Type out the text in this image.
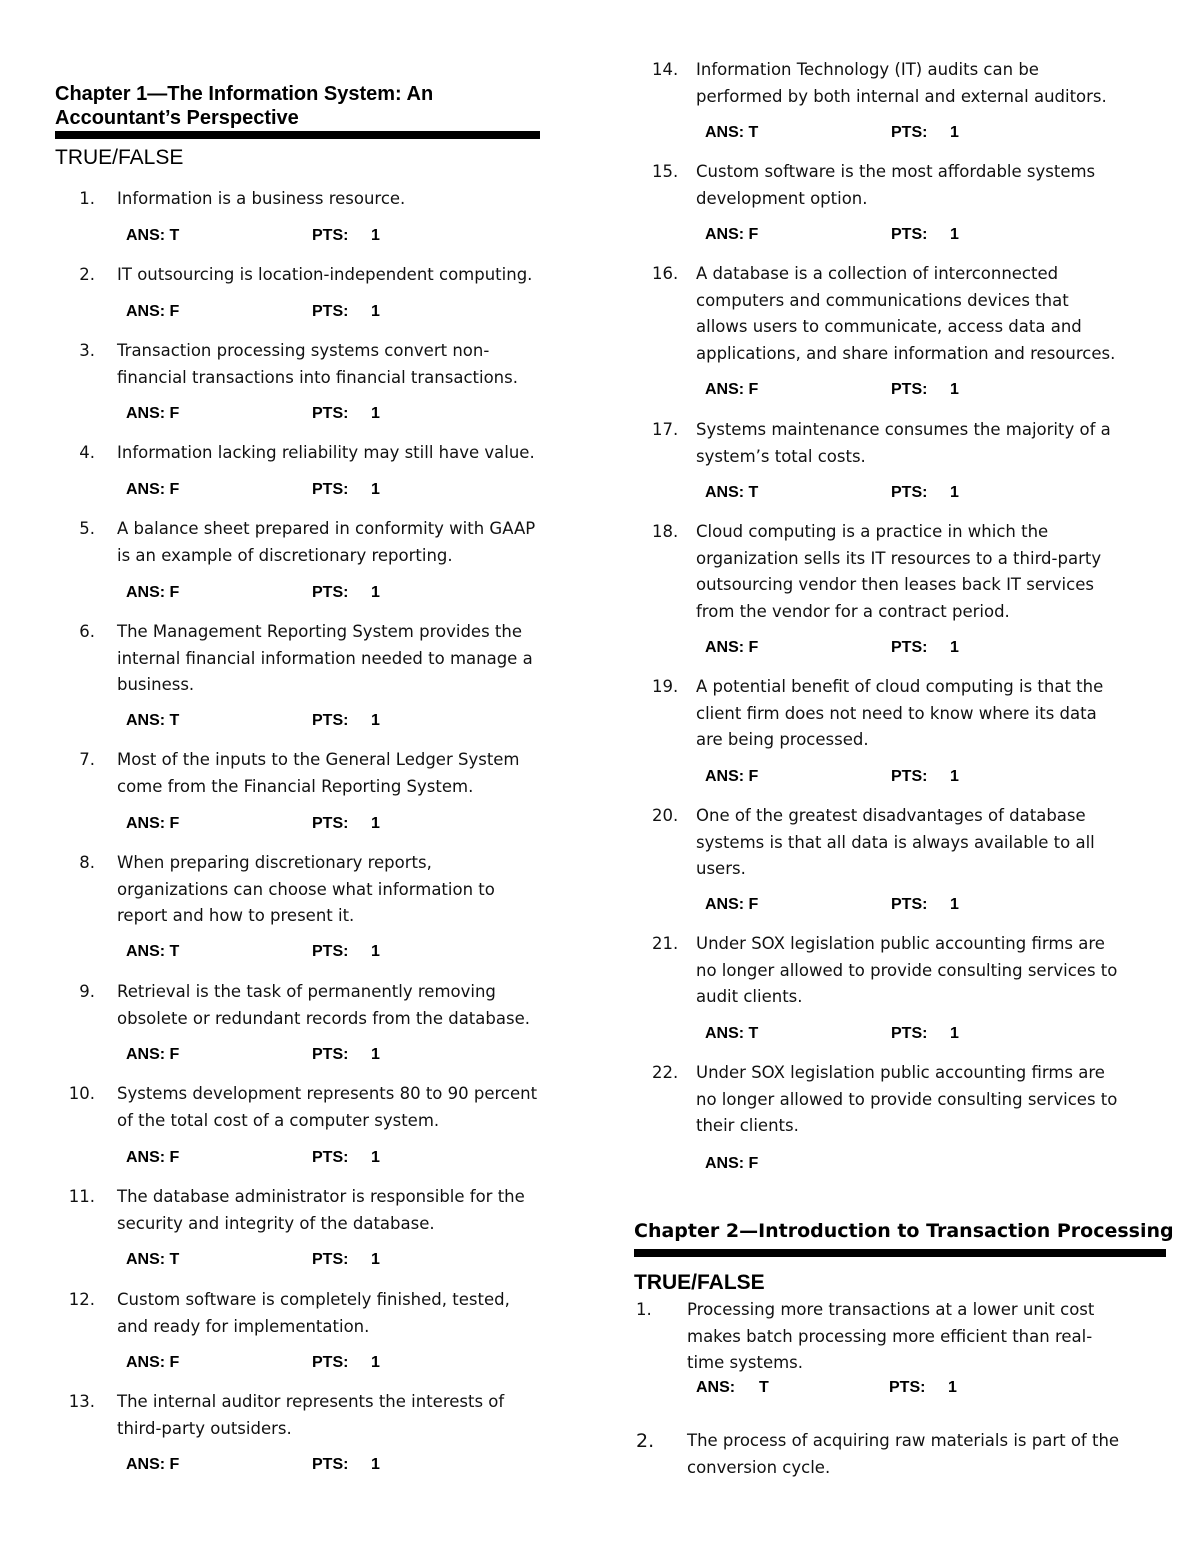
Chapter 1—The Information System: An
Accountant’s Perspective
TRUE/FALSE
1. Information is a business resource.
ANS: T	PTS: 1
2. IT outsourcing is location-independent computing.
ANS: F	PTS: 1
3. Transaction processing systems convert non-
financial transactions into financial transactions.
ANS: F	PTS: 1
4. Information lacking reliability may still have value.
ANS: F	PTS: 1
5. A balance sheet prepared in conformity with GAAP
is an example of discretionary reporting.
ANS: F	PTS: 1
6. The Management Reporting System provides the
internal financial information needed to manage a
business.
ANS: T	PTS: 1
7. Most of the inputs to the General Ledger System
come from the Financial Reporting System.
ANS: F	PTS: 1
8. When preparing discretionary reports,
organizations can choose what information to
report and how to present it.
ANS: T	PTS: 1
9. Retrieval is the task of permanently removing
obsolete or redundant records from the database.
ANS: F	PTS: 1
10. Systems development represents 80 to 90 percent
of the total cost of a computer system.
ANS: F	PTS: 1
11. The database administrator is responsible for the
security and integrity of the database.
ANS: T	PTS: 1
12. Custom software is completely finished, tested,
and ready for implementation.
ANS: F	PTS: 1
13. The internal auditor represents the interests of
third-party outsiders.
ANS: F	PTS: 1
14. Information Technology (IT) audits can be
performed by both internal and external auditors.
ANS: T	PTS: 1
15. Custom software is the most affordable systems
development option.
ANS: F	PTS: 1
16. A database is a collection of interconnected
computers and communications devices that
allows users to communicate, access data and
applications, and share information and resources.
ANS: F	PTS: 1
17. Systems maintenance consumes the majority of a
system’s total costs.
ANS: T	PTS: 1
18. Cloud computing is a practice in which the
organization sells its IT resources to a third-party
outsourcing vendor then leases back IT services
from the vendor for a contract period.
ANS: F	PTS: 1
19. A potential benefit of cloud computing is that the
client firm does not need to know where its data
are being processed.
ANS: F	PTS: 1
20. One of the greatest disadvantages of database
systems is that all data is always available to all
users.
ANS: F	PTS: 1
21. Under SOX legislation public accounting firms are
no longer allowed to provide consulting services to
audit clients.
ANS: T	PTS: 1
22. Under SOX legislation public accounting firms are
no longer allowed to provide consulting services to
their clients.
ANS: F
Chapter 2—Introduction to Transaction Processing
TRUE/FALSE
1. Processing more transactions at a lower unit cost
makes batch processing more efficient than real-
time systems.
ANS: T	PTS: 1
2. The process of acquiring raw materials is part of the
conversion cycle.
